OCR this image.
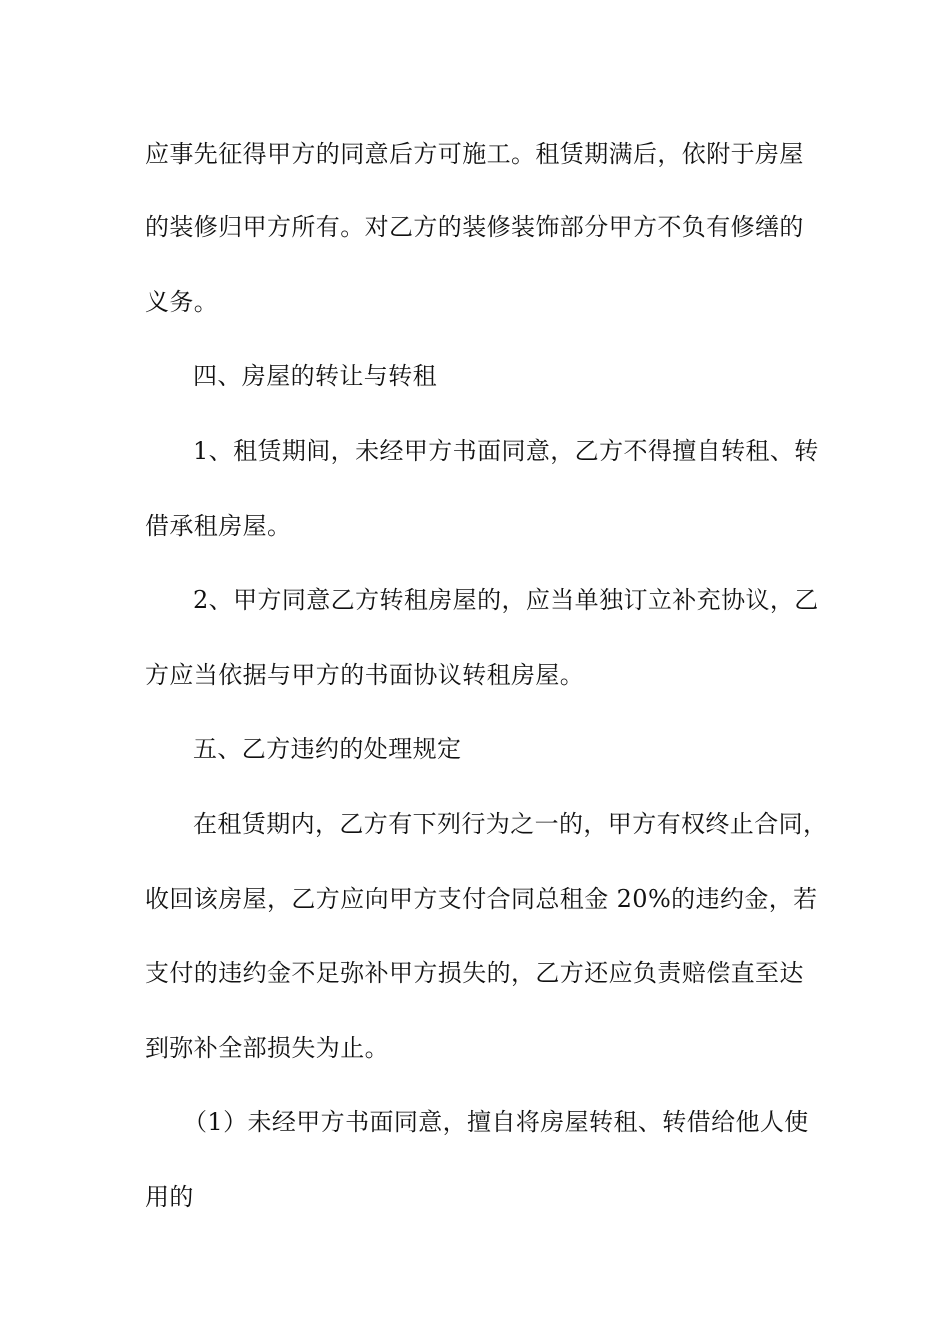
应事先征得甲方的同意后方可施工。租赁期满后，依附于房屋
的装修归甲方所有。对乙方的装修装饰部分甲方不负有修缮的
义务。
四、房屋的转让与转租
1、租赁期间，未经甲方书面同意，乙方不得擅自转租、转
借承租房屋。
2、甲方同意乙方转租房屋的，应当单独订立补充协议，乙
方应当依据与甲方的书面协议转租房屋。
五、乙方违约的处理规定
在租赁期内，乙方有下列行为之一的，甲方有权终止合同，
收回该房屋，乙方应向甲方支付合同总租金 20%的违约金，若
支付的违约金不足弥补甲方损失的，乙方还应负责赔偿直至达
到弥补全部损失为止。
（1）未经甲方书面同意，擅自将房屋转租、转借给他人使
用的
